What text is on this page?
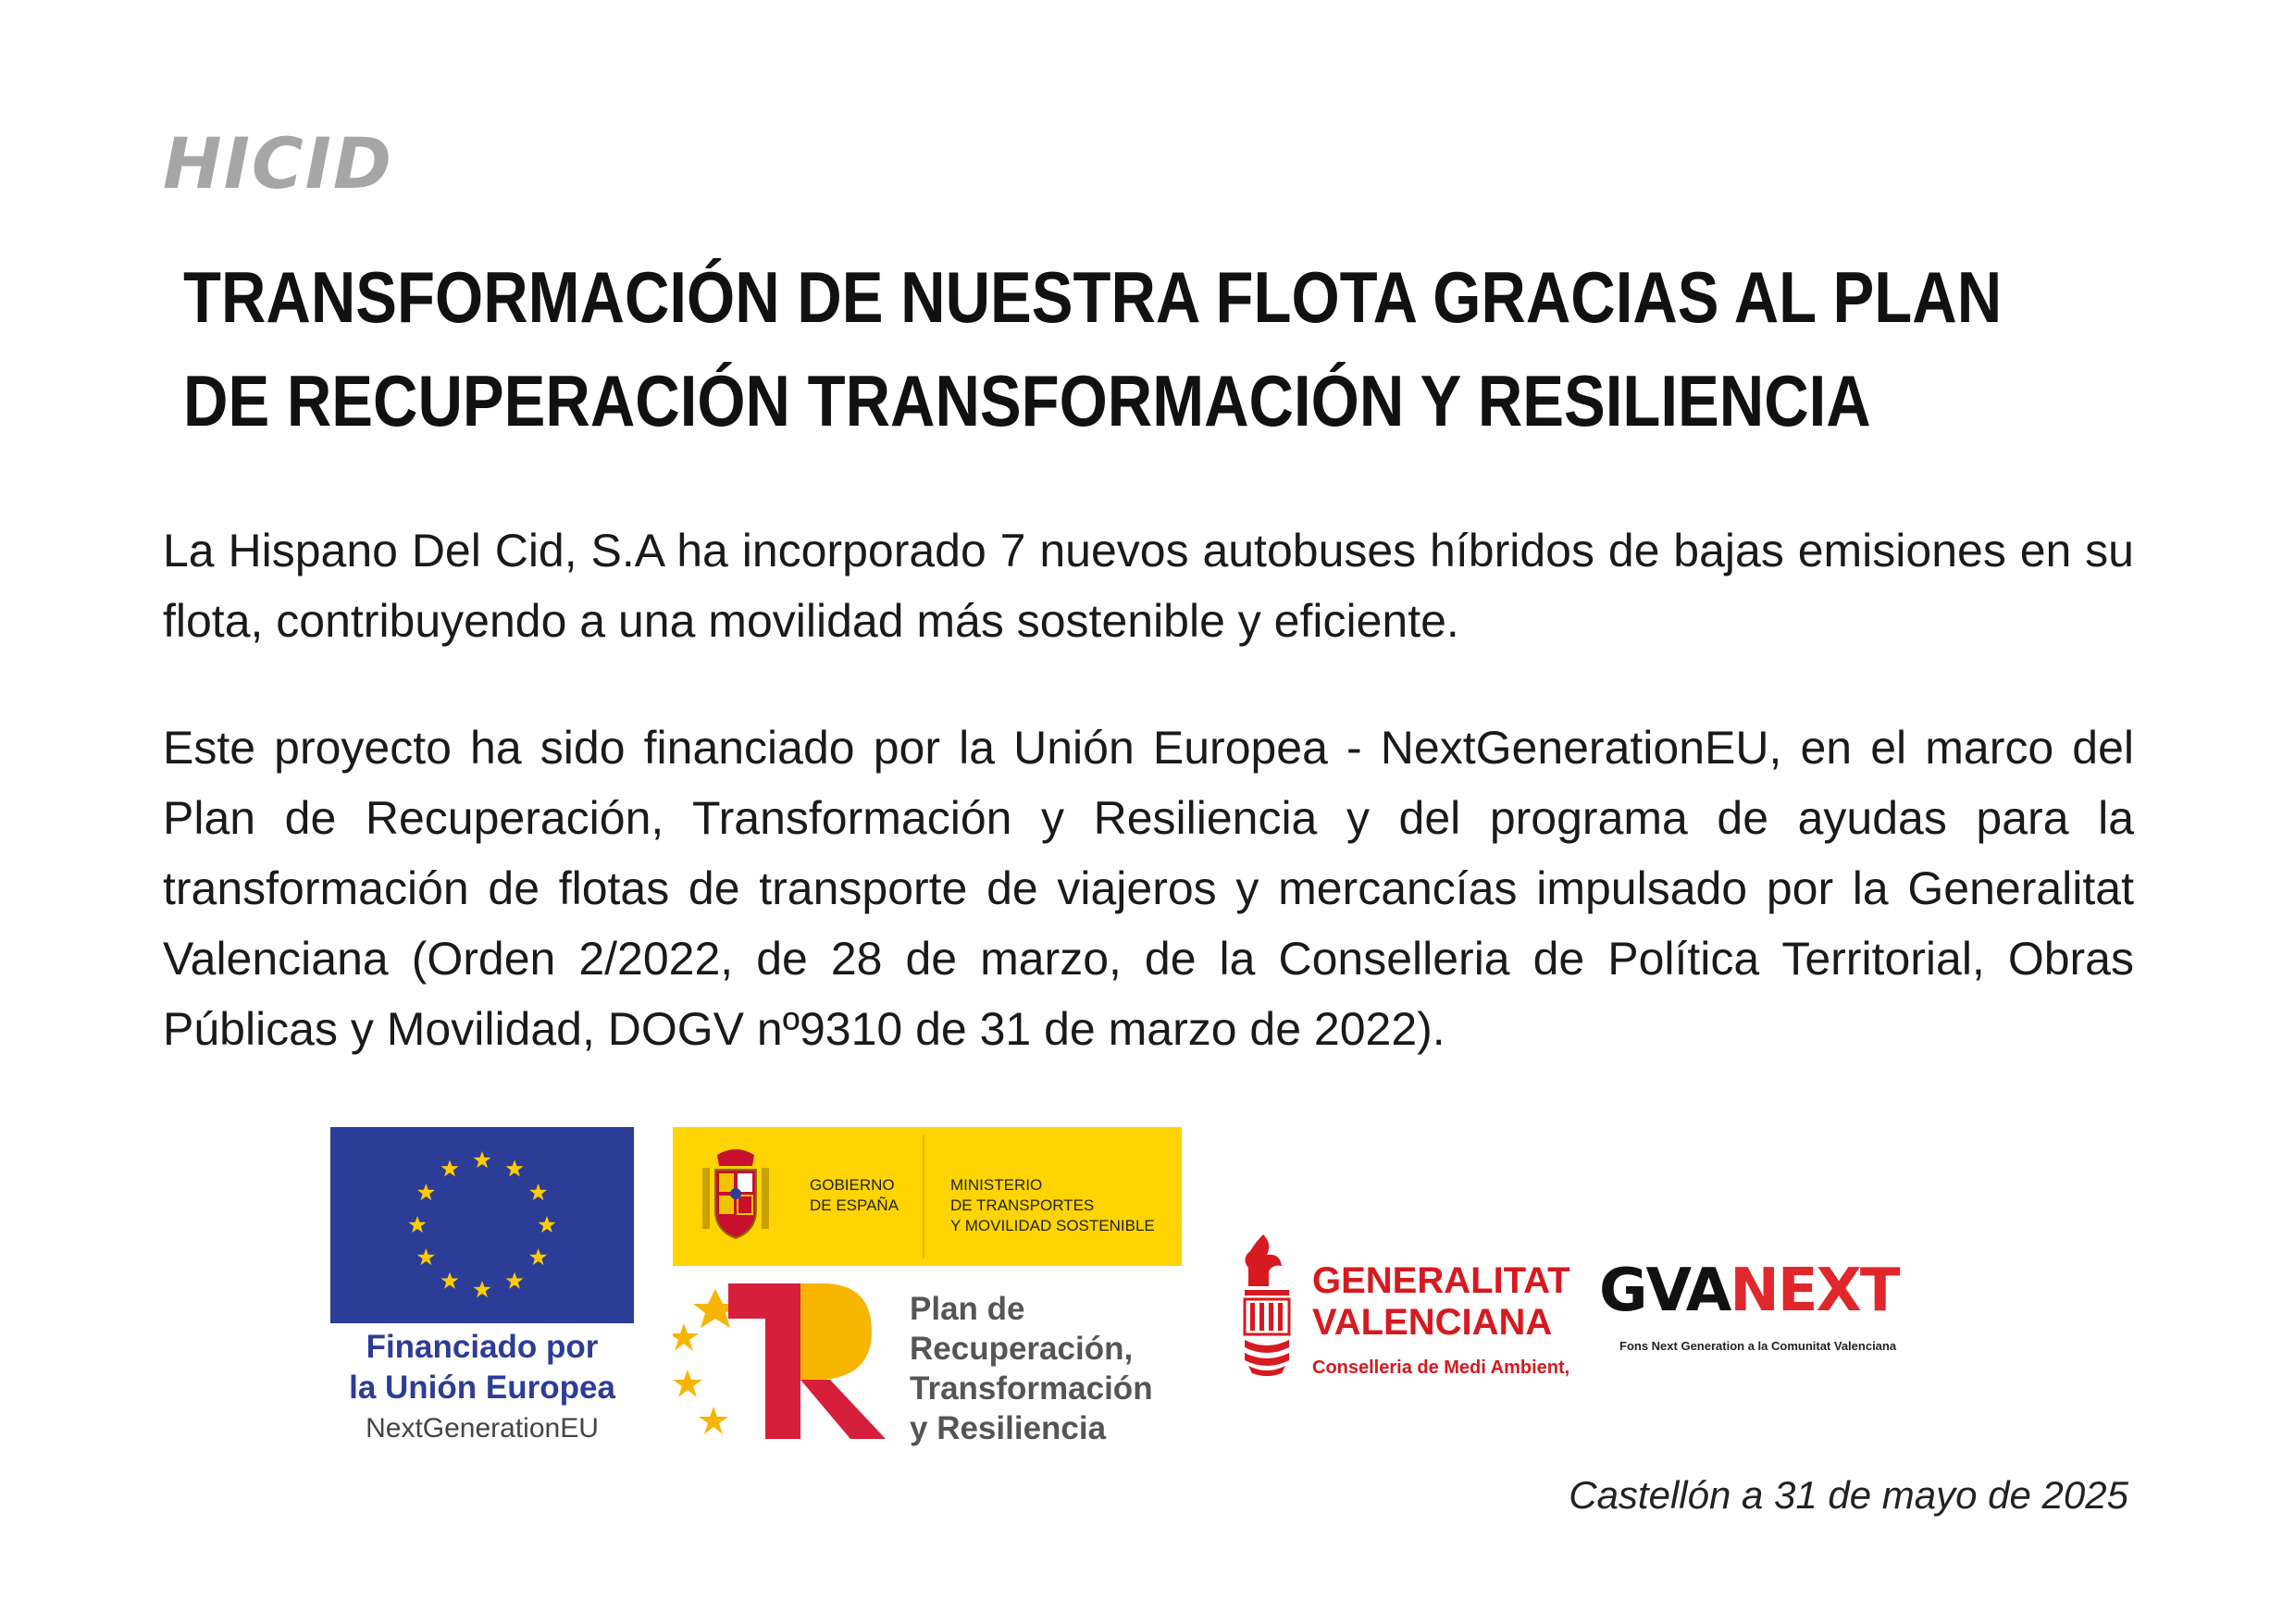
HICID
TRANSFORMACIÓN DE NUESTRA FLOTA GRACIAS AL PLAN
DE RECUPERACIÓN TRANSFORMACIÓN Y RESILIENCIA

La Hispano Del Cid, S.A ha incorporado 7 nuevos autobuses híbridos de bajas emisiones en su flota, contribuyendo a una movilidad más sostenible y eficiente.

Este proyecto ha sido financiado por la Unión Europea - NextGenerationEU, en el marco del Plan de Recuperación, Transformación y Resiliencia y del programa de ayudas para la transformación de flotas de transporte de viajeros y mercancías impulsado por la Generalitat Valenciana (Orden 2/2022, de 28 de marzo, de la Conselleria de Política Territorial, Obras Públicas y Movilidad, DOGV nº9310 de 31 de marzo de 2022).

Financiado por
la Unión Europea
NextGenerationEU
GOBIERNO
DE ESPAÑA
MINISTERIO
DE TRANSPORTES
Y MOVILIDAD SOSTENIBLE
Plan de
Recuperación,
Transformación
y Resiliencia
GENERALITAT
VALENCIANA
Conselleria de Medi Ambient,
GVANEXT
Fons Next Generation a la Comunitat Valenciana
Castellón a 31 de mayo de 2025
